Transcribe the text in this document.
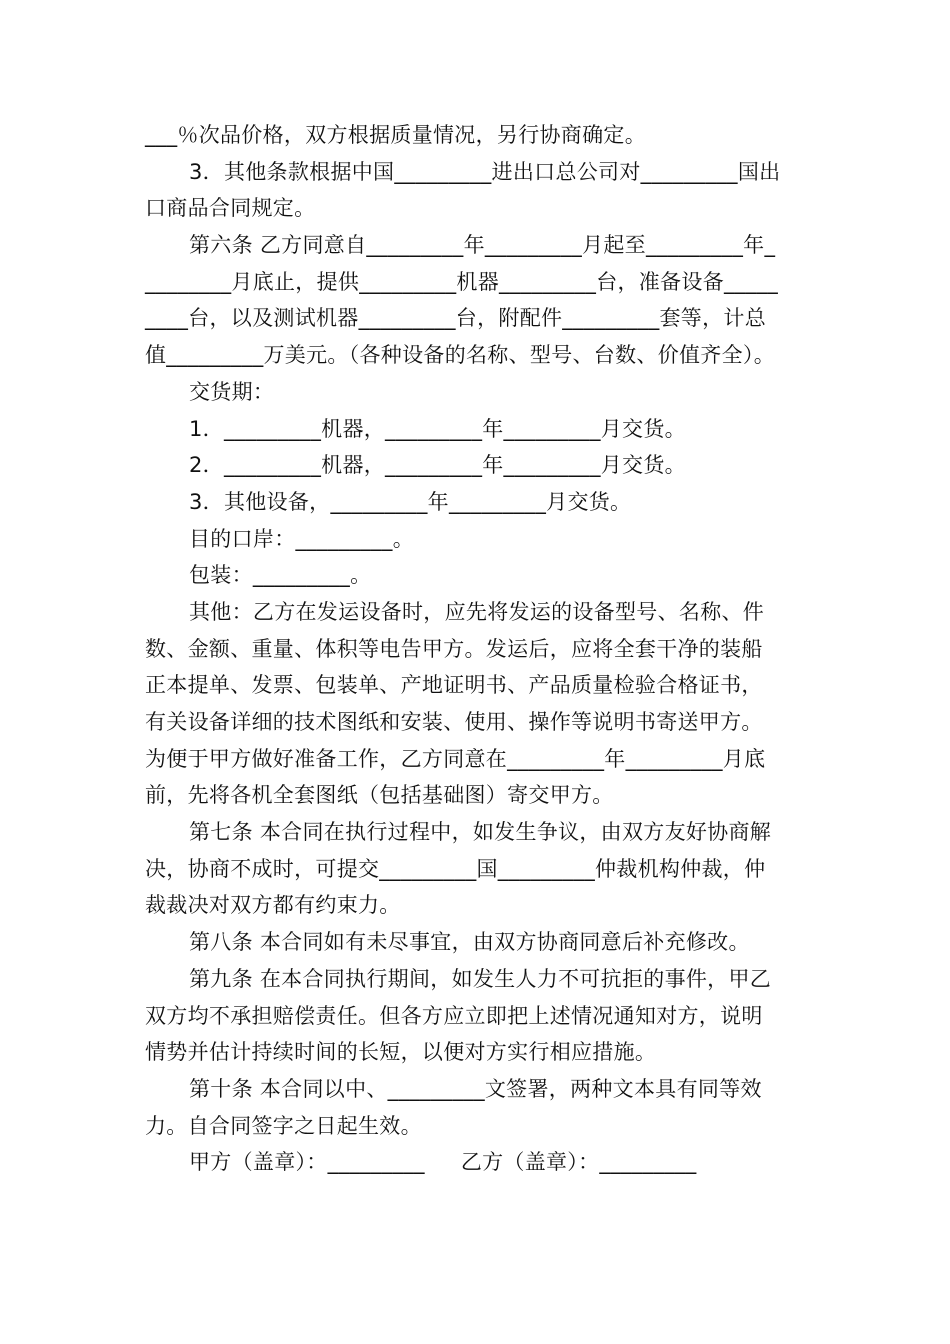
___％次品价格，双方根据质量情况，另行协商确定。
3．其他条款根据中国_________进出口总公司对_________国出
口商品合同规定。
第六条 乙方同意自_________年_________月起至_________年_
________月底止，提供_________机器_________台，准备设备_____
____台，以及测试机器_________台，附配件_________套等，计总
值_________万美元。（各种设备的名称、型号、台数、价值齐全）。
交货期：
1．_________机器，_________年_________月交货。
2．_________机器，_________年_________月交货。
3．其他设备，_________年_________月交货。
目的口岸：_________。
包装：_________。
其他：乙方在发运设备时，应先将发运的设备型号、名称、件
数、金额、重量、体积等电告甲方。发运后，应将全套干净的装船
正本提单、发票、包装单、产地证明书、产品质量检验合格证书，
有关设备详细的技术图纸和安装、使用、操作等说明书寄送甲方。
为便于甲方做好准备工作，乙方同意在_________年_________月底
前，先将各机全套图纸（包括基础图）寄交甲方。
第七条 本合同在执行过程中，如发生争议，由双方友好协商解
决，协商不成时，可提交_________国_________仲裁机构仲裁，仲
裁裁决对双方都有约束力。
第八条 本合同如有未尽事宜，由双方协商同意后补充修改。
第九条 在本合同执行期间，如发生人力不可抗拒的事件，甲乙
双方均不承担赔偿责任。但各方应立即把上述情况通知对方，说明
情势并估计持续时间的长短，以便对方实行相应措施。
第十条 本合同以中、_________文签署，两种文本具有同等效
力。自合同签字之日起生效。
甲方（盖章）：_________ 乙方（盖章）：_________
